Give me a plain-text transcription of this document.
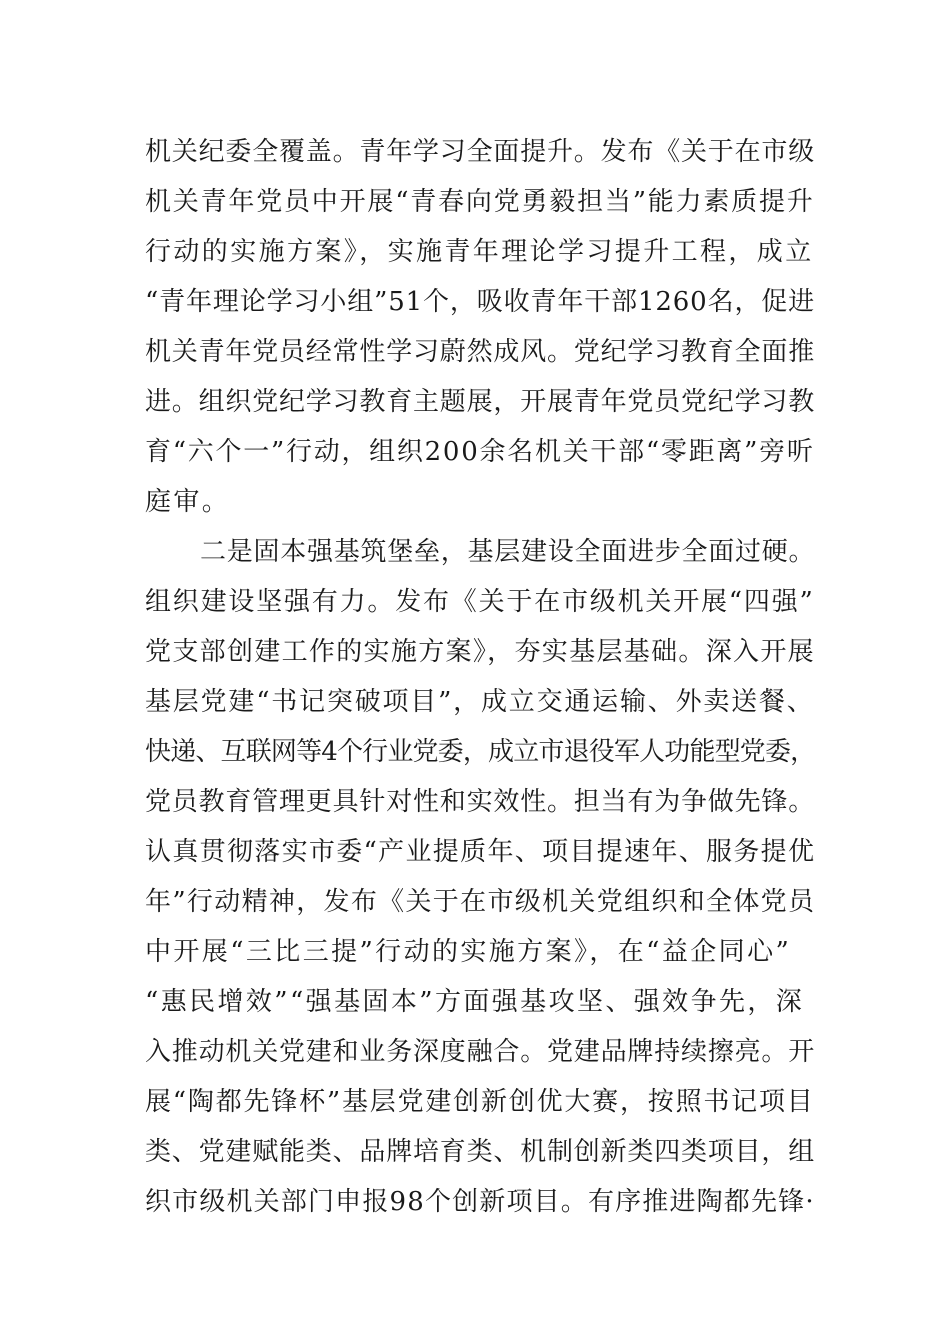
机关纪委全覆盖。青年学习全面提升。发布《关于在市级
机关青年党员中开展“青春向党勇毅担当”能力素质提升
行动的实施方案》，实施青年理论学习提升工程，成立
“青年理论学习小组”51个，吸收青年干部1260名，促进
机关青年党员经常性学习蔚然成风。党纪学习教育全面推
进。组织党纪学习教育主题展，开展青年党员党纪学习教
育“六个一”行动，组织200余名机关干部“零距离”旁听
庭审。
二是固本强基筑堡垒，基层建设全面进步全面过硬。
组织建设坚强有力。发布《关于在市级机关开展“四强”
党支部创建工作的实施方案》，夯实基层基础。深入开展
基层党建“书记突破项目”，成立交通运输、外卖送餐、
快递、互联网等4个行业党委，成立市退役军人功能型党委，
党员教育管理更具针对性和实效性。担当有为争做先锋。
认真贯彻落实市委“产业提质年、项目提速年、服务提优
年”行动精神，发布《关于在市级机关党组织和全体党员
中开展“三比三提”行动的实施方案》，在“益企同心”
“惠民增效”“强基固本”方面强基攻坚、强效争先，深
入推动机关党建和业务深度融合。党建品牌持续擦亮。开
展“陶都先锋杯”基层党建创新创优大赛，按照书记项目
类、党建赋能类、品牌培育类、机制创新类四类项目，组
织市级机关部门申报98个创新项目。有序推进陶都先锋·
